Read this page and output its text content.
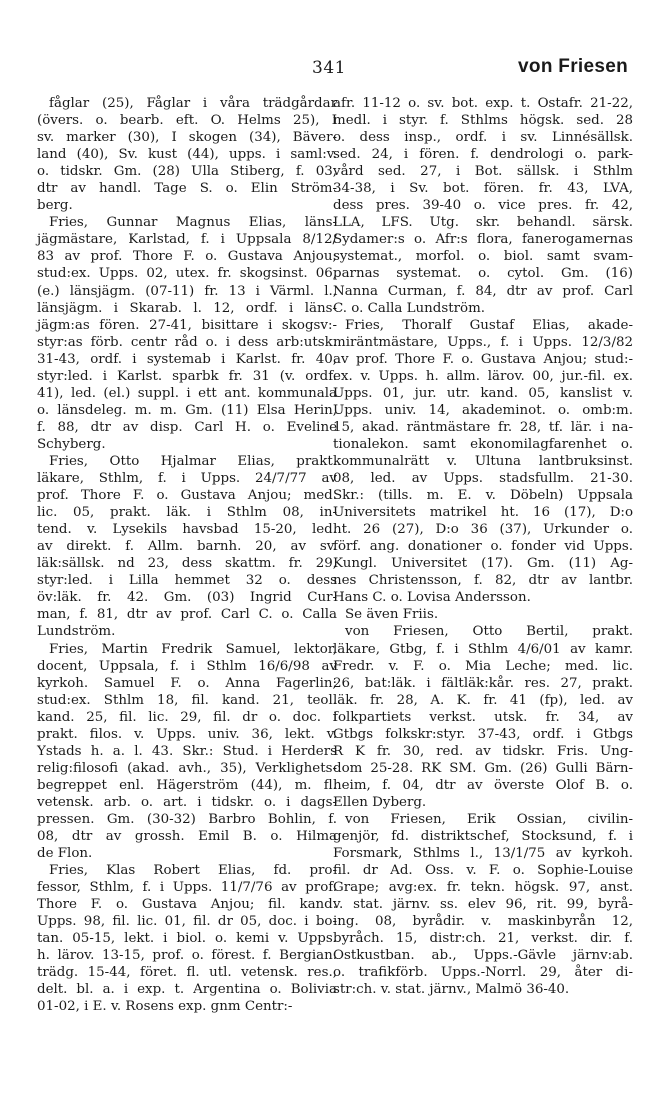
341	von Friesen
fåglar (25), Fåglar i våra trädgårdar
(övers. o. bearb. eft. O. Helms 25), I
sv. marker (30), I skogen (34), Bäver-
land (40), Sv. kust (44), upps. i saml:v.
o. tidskr. Gm. (28) Ulla Stiberg, f. 03,
dtr av handl. Tage S. o. Elin Ström-
berg.
Fries, Gunnar Magnus Elias, läns-
jägmästare, Karlstad, f. i Uppsala 8/12/
83 av prof. Thore F. o. Gustava Anjou;
stud:ex. Upps. 02, utex. fr. skogsinst. 06,
(e.) länsjägm. (07-11) fr. 13 i Värml. l.,
länsjägm. i Skarab. l. 12, ordf. i läns-
jägm:as fören. 27-41, bisittare i skogsv:-
styr:as förb. centr råd o. i dess arb:utsk.
31-43, ordf. i systemab i Karlst. fr. 40,
styr:led. i Karlst. sparbk fr. 31 (v. ordf.
41), led. (el.) suppl. i ett ant. kommunala
o. länsdeleg. m. m. Gm. (11) Elsa Herin,
f. 88, dtr av disp. Carl H. o. Eveline
Schyberg.
Fries, Otto Hjalmar Elias, prakt.
läkare, Sthlm, f. i Upps. 24/7/77 av
prof. Thore F. o. Gustava Anjou; med.
lic. 05, prakt. läk. i Sthlm 08, in-
tend. v. Lysekils havsbad 15-20, led.
av direkt. f. Allm. barnh. 20, av sv.
läk:sällsk. nd 23, dess skattm. fr. 29,
styr:led. i Lilla hemmet 32 o. dess
öv:läk. fr. 42. Gm. (03) Ingrid Cur-
man, f. 81, dtr av prof. Carl C. o. Calla
Lundström.
Fries, Martin Fredrik Samuel, lektor,
docent, Uppsala, f. i Sthlm 16/6/98 av
kyrkoh. Samuel F. o. Anna Fagerlin;
stud:ex. Sthlm 18, fil. kand. 21, teol.
kand. 25, fil. lic. 29, fil. dr o. doc. i
prakt. filos. v. Upps. univ. 36, lekt. v.
Ystads h. a. l. 43. Skr.: Stud. i Herders
relig:filosofi (akad. avh., 35), Verklighets-
begreppet enl. Hägerström (44), m. fl.
vetensk. arb. o. art. i tidskr. o. i dags-
pressen. Gm. (30-32) Barbro Bohlin, f.
08, dtr av grossh. Emil B. o. Hilma
de Flon.
Fries, Klas Robert Elias, fd. pro-
fessor, Sthlm, f. i Upps. 11/7/76 av prof.
Thore F. o. Gustava Anjou; fil. kand.
Upps. 98, fil. lic. 01, fil. dr 05, doc. i bo-
tan. 05-15, lekt. i biol. o. kemi v. Upps.
h. lärov. 13-15, prof. o. förest. f. Bergian.
trädg. 15-44, föret. fl. utl. vetensk. res.,
delt. bl. a. i exp. t. Argentina o. Bolivia
01-02, i E. v. Rosens exp. gnm Centr:-
afr. 11-12 o. sv. bot. exp. t. Ostafr. 21-22,
medl. i styr. f. Sthlms högsk. sed. 28
o. dess insp., ordf. i sv. Linnésällsk.
sed. 24, i fören. f. dendrologi o. park-
vård sed. 27, i Bot. sällsk. i Sthlm
34-38, i Sv. bot. fören. fr. 43, LVA,
dess pres. 39-40 o. vice pres. fr. 42,
LLA, LFS. Utg. skr. behandl. särsk.
Sydamer:s o. Afr:s flora, fanerogamernas
systemat., morfol. o. biol. samt svam-
parnas systemat. o. cytol. Gm. (16)
Nanna Curman, f. 84, dtr av prof. Carl
C. o. Calla Lundström.
Fries, Thoralf Gustaf Elias, akade-
miräntmästare, Upps., f. i Upps. 12/3/82
av prof. Thore F. o. Gustava Anjou; stud:-
ex. v. Upps. h. allm. lärov. 00, jur.-fil. ex.
Upps. 01, jur. utr. kand. 05, kanslist v.
Upps. univ. 14, akademinot. o. omb:m.
15, akad. räntmästare fr. 28, tf. lär. i na-
tionalekon. samt ekonomilagfarenhet o.
kommunalrätt v. Ultuna lantbruksinst.
08, led. av Upps. stadsfullm. 21-30.
Skr.: (tills. m. E. v. Döbeln) Uppsala
Universitets matrikel ht. 16 (17), D:o
ht. 26 (27), D:o 36 (37), Urkunder o.
förf. ang. donationer o. fonder vid Upps.
Kungl. Universitet (17). Gm. (11) Ag-
nes Christensson, f. 82, dtr av lantbr.
Hans C. o. Lovisa Andersson.
Se även Friis.
von Friesen, Otto Bertil, prakt.
läkare, Gtbg, f. i Sthlm 4/6/01 av kamr.
Fredr. v. F. o. Mia Leche; med. lic.
26, bat:läk. i fältläk:kår. res. 27, prakt.
läk. fr. 28, A. K. fr. 41 (fp), led. av
folkpartiets verkst. utsk. fr. 34, av
Gtbgs folkskr:styr. 37-43, ordf. i Gtbgs
R K fr. 30, red. av tidskr. Fris. Ung-
dom 25-28. RK SM. Gm. (26) Gulli Bärn-
heim, f. 04, dtr av överste Olof B. o.
Ellen Dyberg.
von Friesen, Erik Ossian, civilin-
genjör, fd. distriktschef, Stocksund, f. i
Forsmark, Sthlms l., 13/1/75 av kyrkoh.
fil. dr Ad. Oss. v. F. o. Sophie-Louise
Grape; avg:ex. fr. tekn. högsk. 97, anst.
v. stat. järnv. ss. elev 96, rit. 99, byrå-
ing. 08, byrådir. v. maskinbyrån 12,
byråch. 15, distr:ch. 21, verkst. dir. f.
Ostkustban. ab., Upps.-Gävle järnv:ab.
o. trafikförb. Upps.-Norrl. 29, åter di-
str:ch. v. stat. järnv., Malmö 36-40.
